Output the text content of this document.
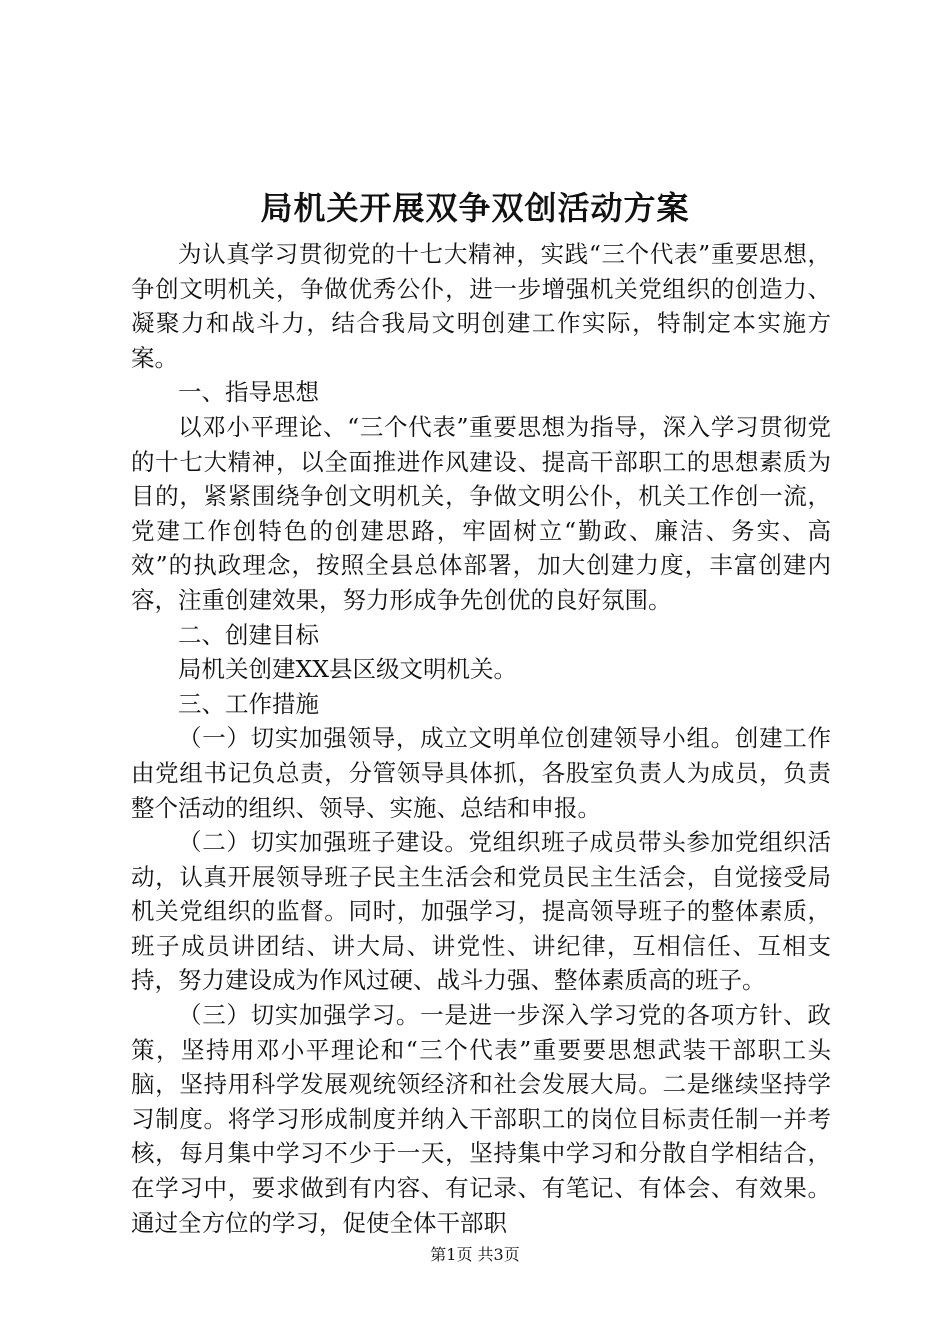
局机关开展双争双创活动方案

为认真学习贯彻党的十七大精神，实践“三个代表”重要思想，争创文明机关，争做优秀公仆，进一步增强机关党组织的创造力、凝聚力和战斗力，结合我局文明创建工作实际，特制定本实施方案。

一、指导思想

以邓小平理论、“三个代表”重要思想为指导，深入学习贯彻党的十七大精神，以全面推进作风建设、提高干部职工的思想素质为目的，紧紧围绕争创文明机关，争做文明公仆，机关工作创一流，党建工作创特色的创建思路，牢固树立“勤政、廉洁、务实、高效”的执政理念，按照全县总体部署，加大创建力度，丰富创建内容，注重创建效果，努力形成争先创优的良好氛围。

二、创建目标

局机关创建XX县区级文明机关。

三、工作措施

（一）切实加强领导，成立文明单位创建领导小组。创建工作由党组书记负总责，分管领导具体抓，各股室负责人为成员，负责整个活动的组织、领导、实施、总结和申报。

（二）切实加强班子建设。党组织班子成员带头参加党组织活动，认真开展领导班子民主生活会和党员民主生活会，自觉接受局机关党组织的监督。同时，加强学习，提高领导班子的整体素质，班子成员讲团结、讲大局、讲党性、讲纪律，互相信任、互相支持，努力建设成为作风过硬、战斗力强、整体素质高的班子。

（三）切实加强学习。一是进一步深入学习党的各项方针、政策，坚持用邓小平理论和“三个代表”重要要思想武装干部职工头脑，坚持用科学发展观统领经济和社会发展大局。二是继续坚持学习制度。将学习形成制度并纳入干部职工的岗位目标责任制一并考核，每月集中学习不少于一天，坚持集中学习和分散自学相结合，在学习中，要求做到有内容、有记录、有笔记、有体会、有效果。通过全方位的学习，促使全体干部职

第1页 共3页
